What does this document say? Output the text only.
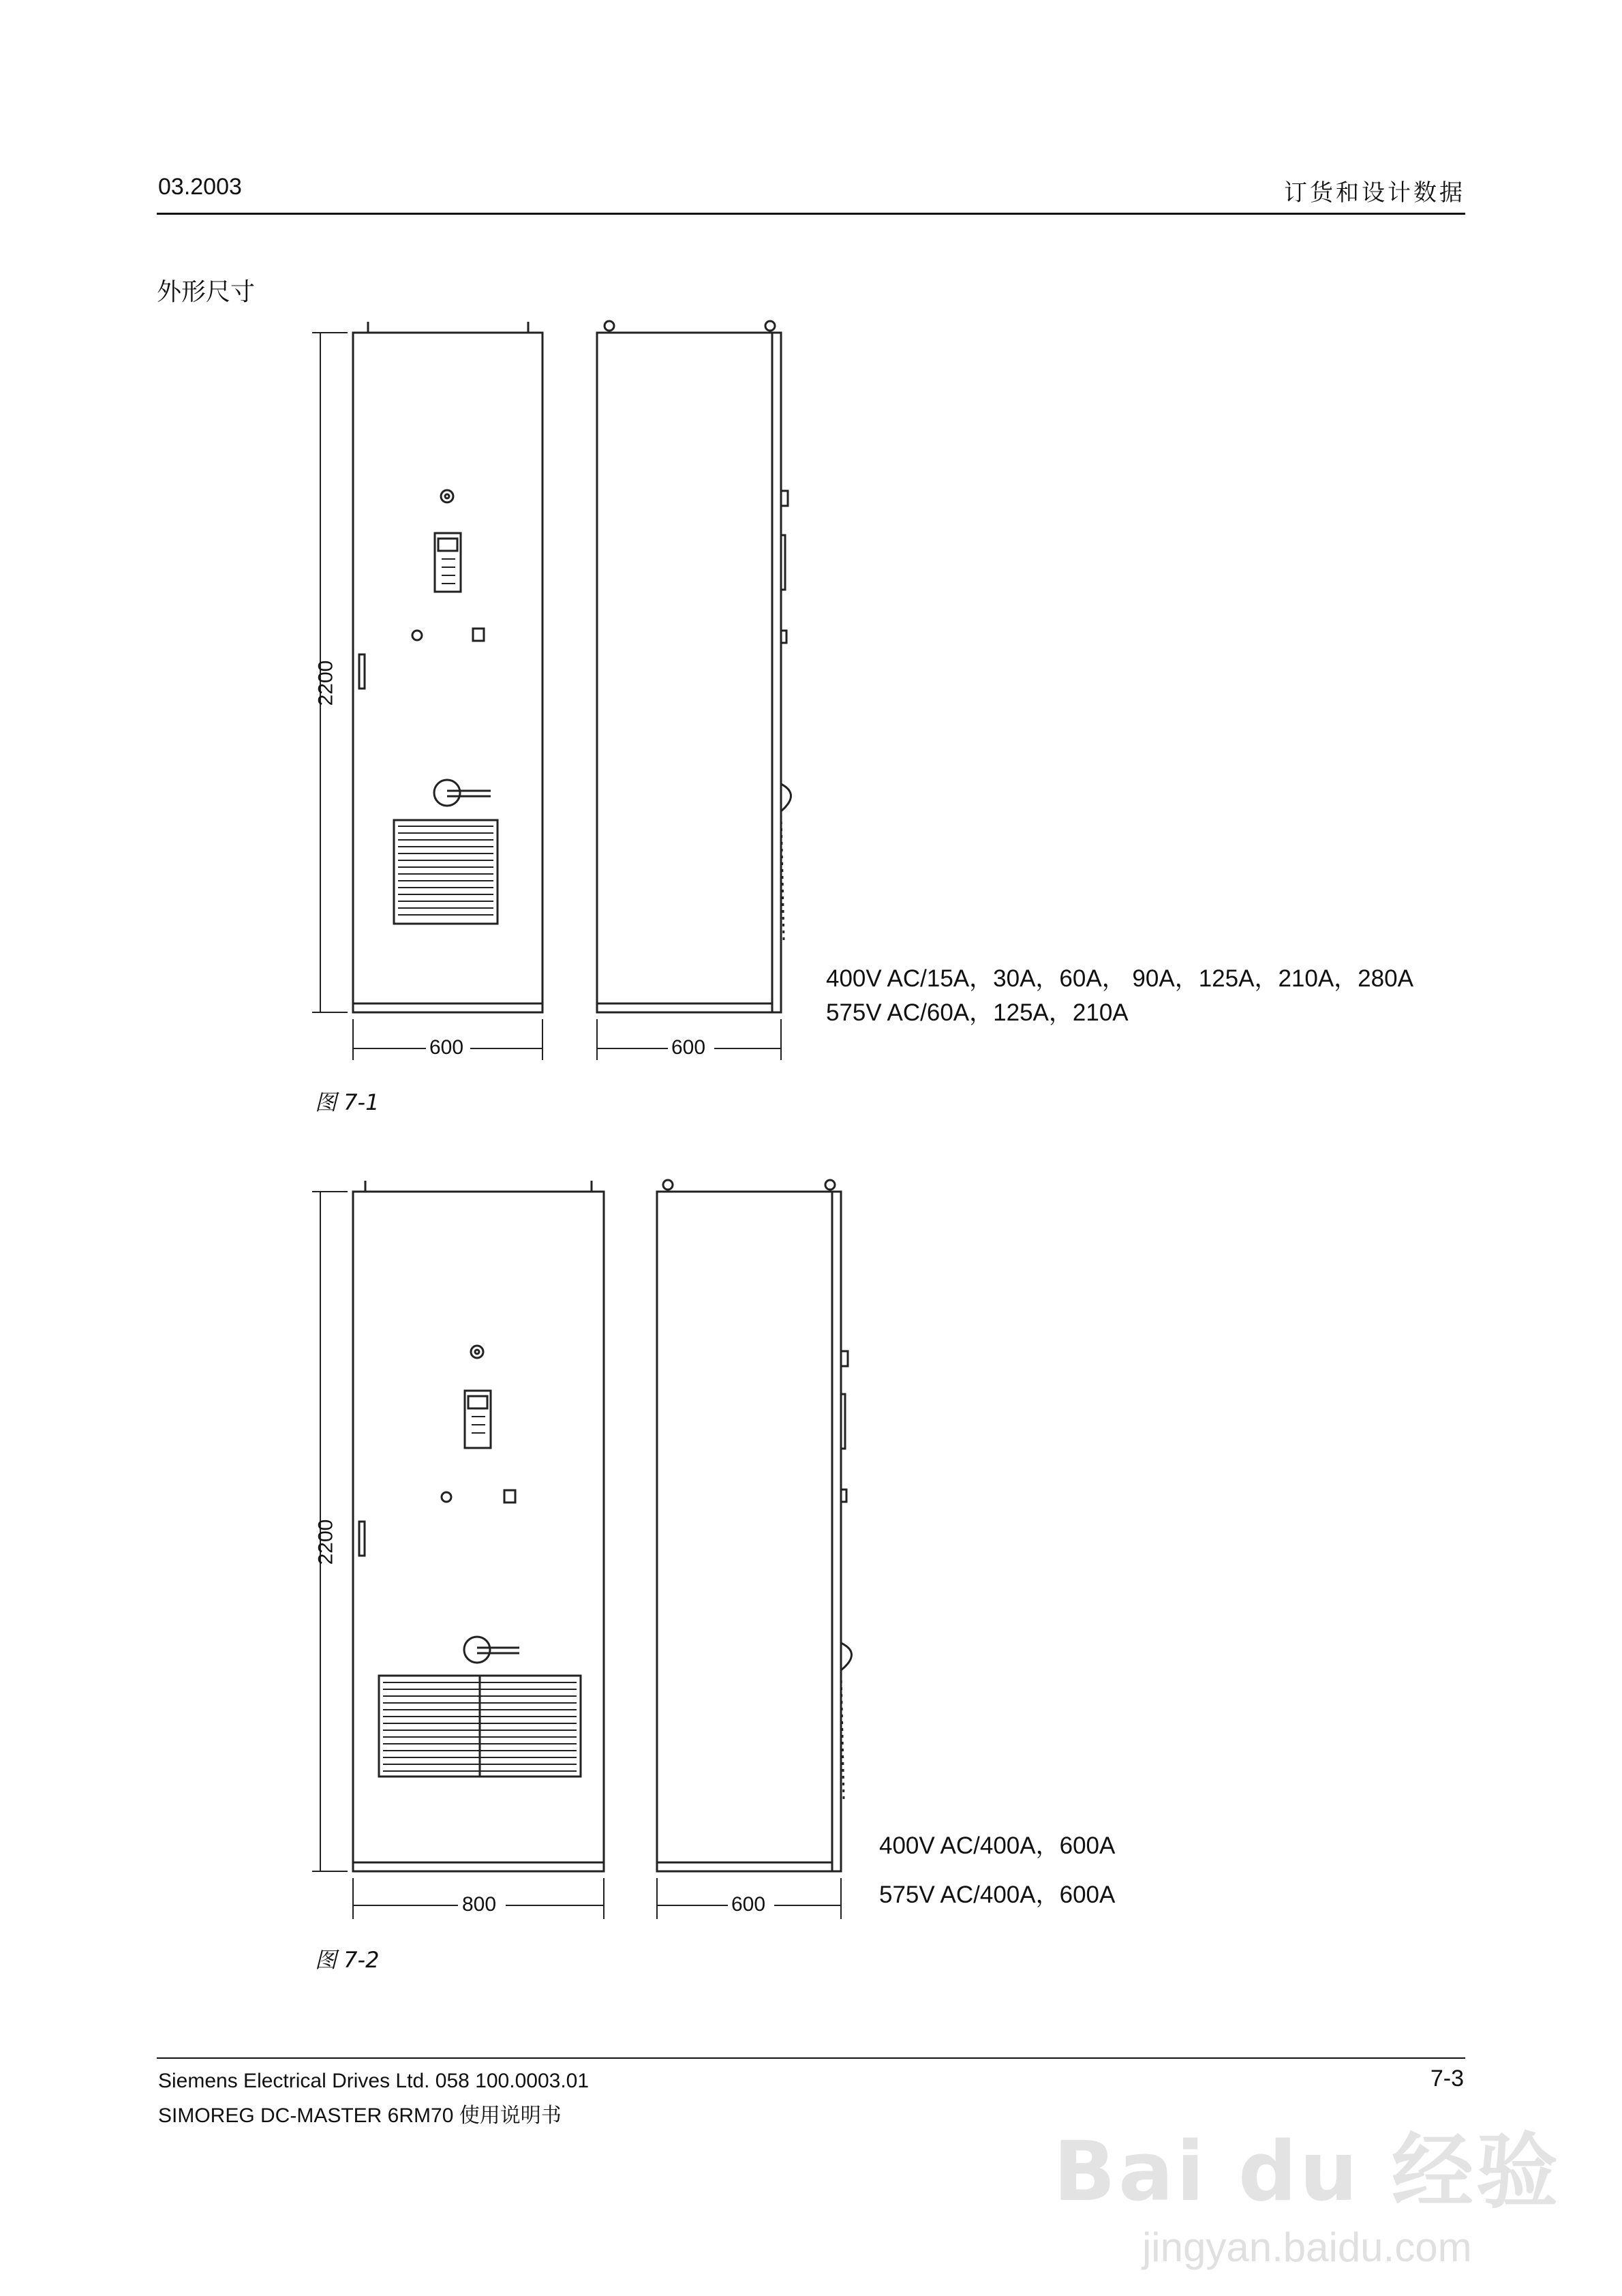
03.2003	订货和设计数据
外形尺寸
2200
600	600
400V AC/15A，30A，60A， 90A，125A，210A，280A
575V AC/60A，125A，210A
图 7-1
2200
800	600
400V AC/400A，600A
575V AC/400A，600A
图 7-2
Siemens Electrical Drives Ltd. 058 100.0003.01
SIMOREG DC-MASTER 6RM70 使用说明书
7-3
Bai du 经验
jingyan.baidu.com
